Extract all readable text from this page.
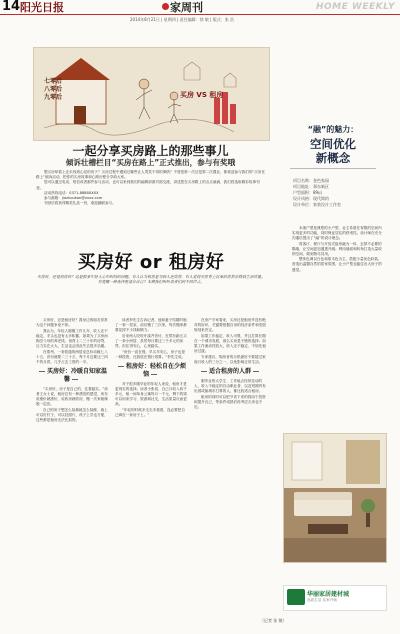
14 阳光日报	家周刊	HOME WEEKLY
2014年8月21日 | 星期四 | 责任编辑：徐 敏 | 版式：张 浩
七零后
八零后
九零后	买房 VS 租房
一起分享买房路上的那些事儿
倾诉壮槽栏目“买房在路上”正式推出，参与有奖哦

想买房却看上还未找到心仪的房子？买房过程中遇到过哪些让人哭笑不得的事情？不管是第一次还是第二次置业，都欢迎参与我们的“买房在路上”倾诉活动，把你的买房故事和心路历程分享给大家。

您可以通过电话、短信或者邮件参与活动，也可以来到我们的编辑部面对面交流，讲述您在买房路上的点点滴滴，我们将选取精彩故事刊登。

活动热线电话：0371-8888XXXX

参与邮箱：jiazhoukan@xxxx.com

刊登后将获得精美礼品一份，欢迎踊跃参与。

买房好 or 租房好
买房好，还是租房好？这是很多年轻人心中纠结的问题。有人认为租房是为别人还房贷，有人觉得买房背上沉重的房贷会降低生活质量。究竟哪一种选择更适合自己？本期我们听听读者们的不同声音。

买房好，还是租房好？我身边的朋友常常为这个问题争论不休。

我认为，年轻人刚刚工作几年，收入还不稳定，手头也没有太多积蓄，如果为了买房而掏空父母的养老钱，再背上二三十年的房贷，压力实在太大，生活也会因此失去很多乐趣。

在郑州，一套普通的两居室总价动辄七八十万，首付就要二三十万，每个月还要还三四千的月供，几乎占去工资的一半。

买房好：冷暖自知家温馨

“买房好，房子是自己的，住着踏实。”读者王女士说，租房总有一种漂泊的感觉，房东说涨价就涨价，说收房就收房，搬一次家就像脱一层皮。

自己的房子想怎么装修就怎么装修，墙上可以钉钉子，可以挂照片，孩子上学也方便，这些都是租房无法比拟的。

读者李先生告诉记者，他和妻子结婚时租了一套一居室，前后搬了三次家，每次搬家都要花掉不少钱和精力。

后来两人咬咬牙凑齐首付，在郑东新区买了一套小两居，虽然每月要还三千多元的房贷，但住得安心，心里踏实。

“房价一直在涨，早买早安心，房子也是一种投资，比钱放在银行划算。”李先生说。

租房好：轻松自在少烦恼

对于很多刚毕业的年轻人来说，租房才是更现实的选择。读者小张说，自己月收入四千多元，租一间单身公寓每月一千元，剩下的钱可以用来学习、旅游和社交，生活质量反而更高。

“年轻的时候多走走多看看，没必要把自己绑在一套房子上。”

在房产专家看来，买房还是租房并没有绝对的好坏，关键要根据自身的经济条件和发展规划来决定。

如果工作稳定、收入可观，并且打算长期在一个城市发展，那么买房是不错的选择；如果工作流动性较大，收入还不稳定，不妨先租房过渡。

专家建议，购房者的月供最好不要超过家庭月收入的三分之一，以免影响正常生活。

适合租房的人群

刚毕业的大学生、工作地点经常变动的人、收入不稳定的自由职业者，以及短期内有出国或换城市打算的人，都比较适合租房。

租房的同时可以把节省下来的钱用于投资和提升自己，等条件成熟后再考虑买房也不迟。

“融”的魅力：
空间优化
新概念
项目名称：金色家园
项目地址：郑东新区
户型面积：89㎡
设计风格：现代简约
设计单位：家装设计工作室

本案户型是典型的小户型，业主希望在有限的空间内实现更多的功能，同时保证居住的舒适性。设计师在充分沟通后提出了“融”的设计理念。

将客厅、餐厅与开放式厨房融为一体，去掉不必要的隔墙，让空间更加通透开阔；利用墙面和转角打造大量收纳空间，做到物尽其用。

整体色调以白色和原木色为主，搭配少量灰色软装，营造出温馨自然的居家氛围，让小户型也能住出大房子的感觉。

华丽家居建材城
品质生活 从家开始
（记者 张 敏）
